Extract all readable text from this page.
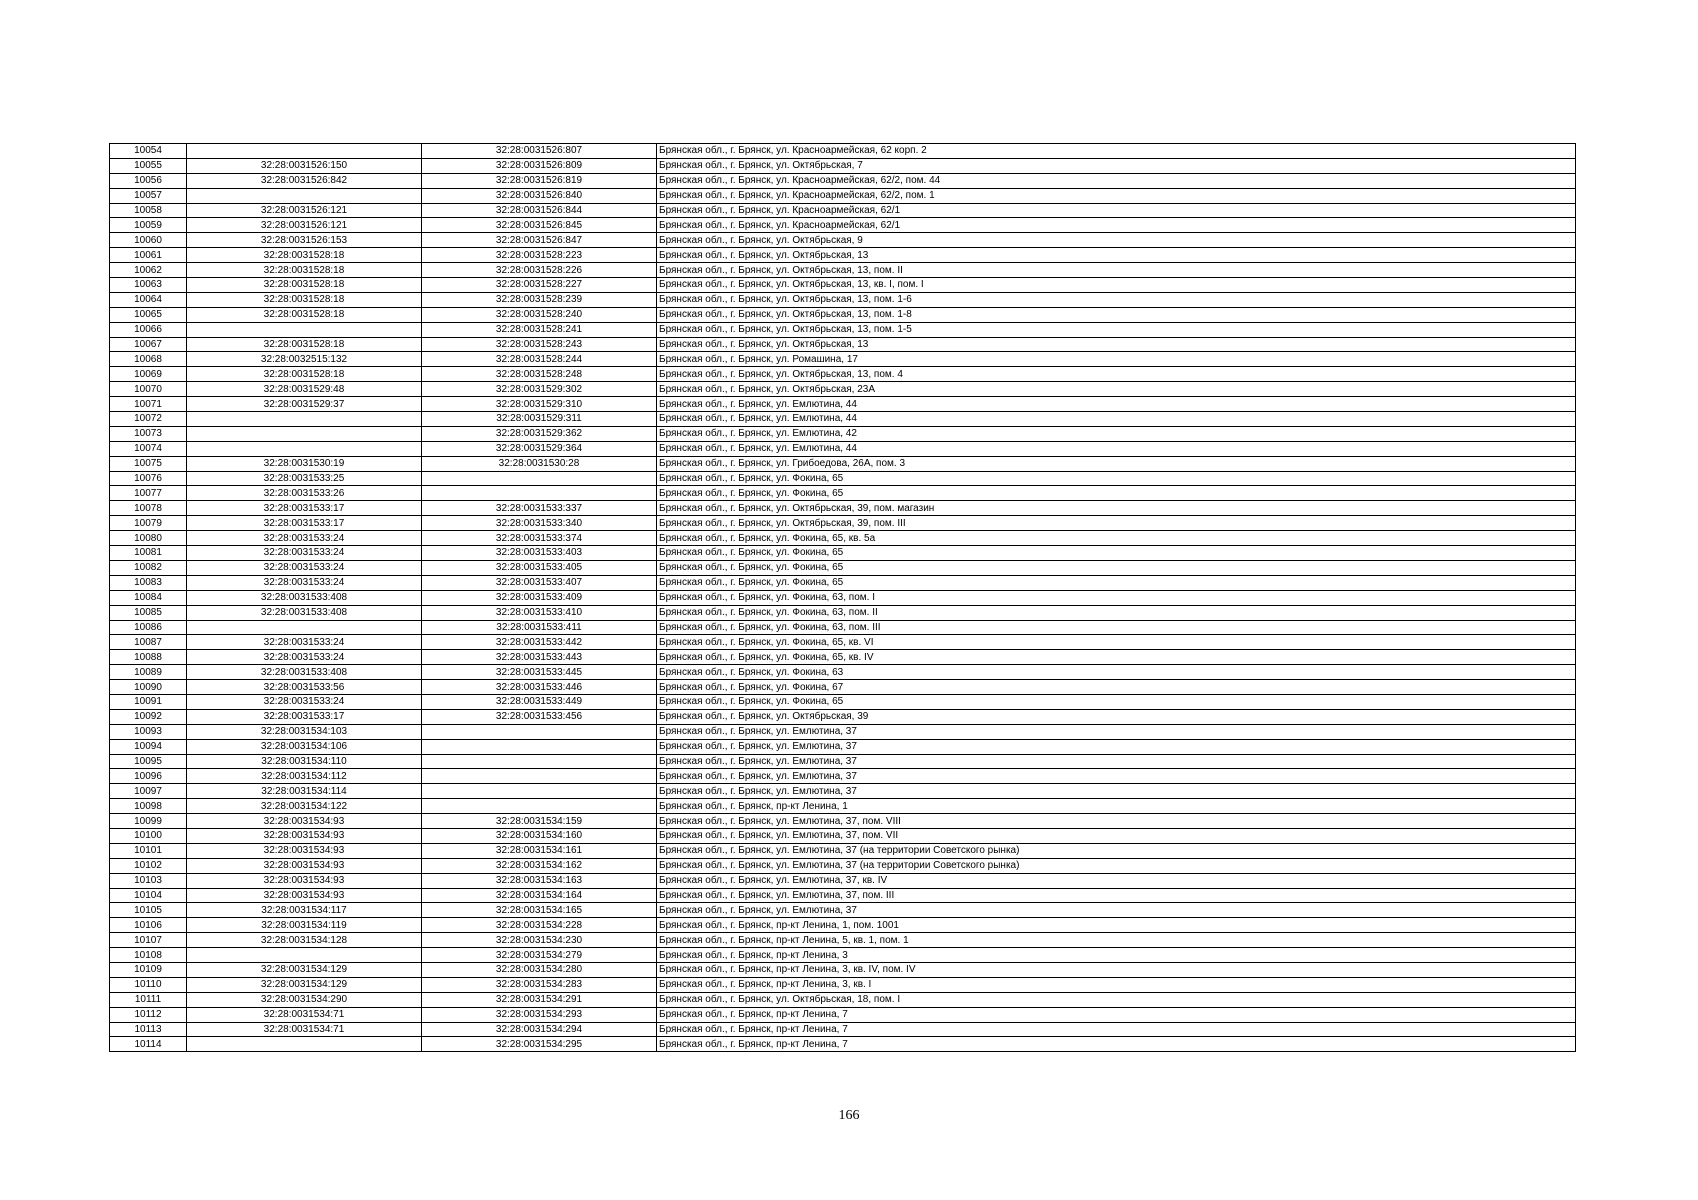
10054		32:28:0031526:807	Брянская обл., г. Брянск, ул. Красноармейская, 62 корп. 2
10055	32:28:0031526:150	32:28:0031526:809	Брянская обл., г. Брянск, ул. Октябрьская, 7
10056	32:28:0031526:842	32:28:0031526:819	Брянская обл., г. Брянск, ул. Красноармейская, 62/2, пом. 44
10057		32:28:0031526:840	Брянская обл., г. Брянск, ул. Красноармейская, 62/2, пом. 1
10058	32:28:0031526:121	32:28:0031526:844	Брянская обл., г. Брянск, ул. Красноармейская, 62/1
10059	32:28:0031526:121	32:28:0031526:845	Брянская обл., г. Брянск, ул. Красноармейская, 62/1
10060	32:28:0031526:153	32:28:0031526:847	Брянская обл., г. Брянск, ул. Октябрьская, 9
10061	32:28:0031528:18	32:28:0031528:223	Брянская обл., г. Брянск, ул. Октябрьская, 13
10062	32:28:0031528:18	32:28:0031528:226	Брянская обл., г. Брянск, ул. Октябрьская, 13, пом. II
10063	32:28:0031528:18	32:28:0031528:227	Брянская обл., г. Брянск, ул. Октябрьская, 13, кв. I, пом. I
10064	32:28:0031528:18	32:28:0031528:239	Брянская обл., г. Брянск, ул. Октябрьская, 13, пом. 1-6
10065	32:28:0031528:18	32:28:0031528:240	Брянская обл., г. Брянск, ул. Октябрьская, 13, пом. 1-8
10066		32:28:0031528:241	Брянская обл., г. Брянск, ул. Октябрьская, 13, пом. 1-5
10067	32:28:0031528:18	32:28:0031528:243	Брянская обл., г. Брянск, ул. Октябрьская, 13
10068	32:28:0032515:132	32:28:0031528:244	Брянская обл., г. Брянск, ул. Ромашина, 17
10069	32:28:0031528:18	32:28:0031528:248	Брянская обл., г. Брянск, ул. Октябрьская, 13, пом. 4
10070	32:28:0031529:48	32:28:0031529:302	Брянская обл., г. Брянск, ул. Октябрьская, 23А
10071	32:28:0031529:37	32:28:0031529:310	Брянская обл., г. Брянск, ул. Емлютина, 44
10072		32:28:0031529:311	Брянская обл., г. Брянск, ул. Емлютина, 44
10073		32:28:0031529:362	Брянская обл., г. Брянск, ул. Емлютина, 42
10074		32:28:0031529:364	Брянская обл., г. Брянск, ул. Емлютина, 44
10075	32:28:0031530:19	32:28:0031530:28	Брянская обл., г. Брянск, ул. Грибоедова, 26А, пом. 3
10076	32:28:0031533:25		Брянская обл., г. Брянск, ул. Фокина, 65
10077	32:28:0031533:26		Брянская обл., г. Брянск, ул. Фокина, 65
10078	32:28:0031533:17	32:28:0031533:337	Брянская обл., г. Брянск, ул. Октябрьская, 39, пом. магазин
10079	32:28:0031533:17	32:28:0031533:340	Брянская обл., г. Брянск, ул. Октябрьская, 39, пом. III
10080	32:28:0031533:24	32:28:0031533:374	Брянская обл., г. Брянск, ул. Фокина, 65, кв. 5а
10081	32:28:0031533:24	32:28:0031533:403	Брянская обл., г. Брянск, ул. Фокина, 65
10082	32:28:0031533:24	32:28:0031533:405	Брянская обл., г. Брянск, ул. Фокина, 65
10083	32:28:0031533:24	32:28:0031533:407	Брянская обл., г. Брянск, ул. Фокина, 65
10084	32:28:0031533:408	32:28:0031533:409	Брянская обл., г. Брянск, ул. Фокина, 63, пом. I
10085	32:28:0031533:408	32:28:0031533:410	Брянская обл., г. Брянск, ул. Фокина, 63, пом. II
10086		32:28:0031533:411	Брянская обл., г. Брянск, ул. Фокина, 63, пом. III
10087	32:28:0031533:24	32:28:0031533:442	Брянская обл., г. Брянск, ул. Фокина, 65, кв. VI
10088	32:28:0031533:24	32:28:0031533:443	Брянская обл., г. Брянск, ул. Фокина, 65, кв. IV
10089	32:28:0031533:408	32:28:0031533:445	Брянская обл., г. Брянск, ул. Фокина, 63
10090	32:28:0031533:56	32:28:0031533:446	Брянская обл., г. Брянск, ул. Фокина, 67
10091	32:28:0031533:24	32:28:0031533:449	Брянская обл., г. Брянск, ул. Фокина, 65
10092	32:28:0031533:17	32:28:0031533:456	Брянская обл., г. Брянск, ул. Октябрьская, 39
10093	32:28:0031534:103		Брянская обл., г. Брянск, ул. Емлютина, 37
10094	32:28:0031534:106		Брянская обл., г. Брянск, ул. Емлютина, 37
10095	32:28:0031534:110		Брянская обл., г. Брянск, ул. Емлютина, 37
10096	32:28:0031534:112		Брянская обл., г. Брянск, ул. Емлютина, 37
10097	32:28:0031534:114		Брянская обл., г. Брянск, ул. Емлютина, 37
10098	32:28:0031534:122		Брянская обл., г. Брянск, пр-кт Ленина, 1
10099	32:28:0031534:93	32:28:0031534:159	Брянская обл., г. Брянск, ул. Емлютина, 37, пом. VIII
10100	32:28:0031534:93	32:28:0031534:160	Брянская обл., г. Брянск, ул. Емлютина, 37, пом. VII
10101	32:28:0031534:93	32:28:0031534:161	Брянская обл., г. Брянск, ул. Емлютина, 37 (на территории Советского рынка)
10102	32:28:0031534:93	32:28:0031534:162	Брянская обл., г. Брянск, ул. Емлютина, 37 (на территории Советского рынка)
10103	32:28:0031534:93	32:28:0031534:163	Брянская обл., г. Брянск, ул. Емлютина, 37, кв. IV
10104	32:28:0031534:93	32:28:0031534:164	Брянская обл., г. Брянск, ул. Емлютина, 37, пом. III
10105	32:28:0031534:117	32:28:0031534:165	Брянская обл., г. Брянск, ул. Емлютина, 37
10106	32:28:0031534:119	32:28:0031534:228	Брянская обл., г. Брянск, пр-кт Ленина, 1, пом. 1001
10107	32:28:0031534:128	32:28:0031534:230	Брянская обл., г. Брянск, пр-кт Ленина, 5, кв. 1, пом. 1
10108		32:28:0031534:279	Брянская обл., г. Брянск, пр-кт Ленина, 3
10109	32:28:0031534:129	32:28:0031534:280	Брянская обл., г. Брянск, пр-кт Ленина, 3, кв. IV, пом. IV
10110	32:28:0031534:129	32:28:0031534:283	Брянская обл., г. Брянск, пр-кт Ленина, 3, кв. I
10111	32:28:0031534:290	32:28:0031534:291	Брянская обл., г. Брянск, ул. Октябрьская, 18, пом. I
10112	32:28:0031534:71	32:28:0031534:293	Брянская обл., г. Брянск, пр-кт Ленина, 7
10113	32:28:0031534:71	32:28:0031534:294	Брянская обл., г. Брянск, пр-кт Ленина, 7
10114		32:28:0031534:295	Брянская обл., г. Брянск, пр-кт Ленина, 7
166
